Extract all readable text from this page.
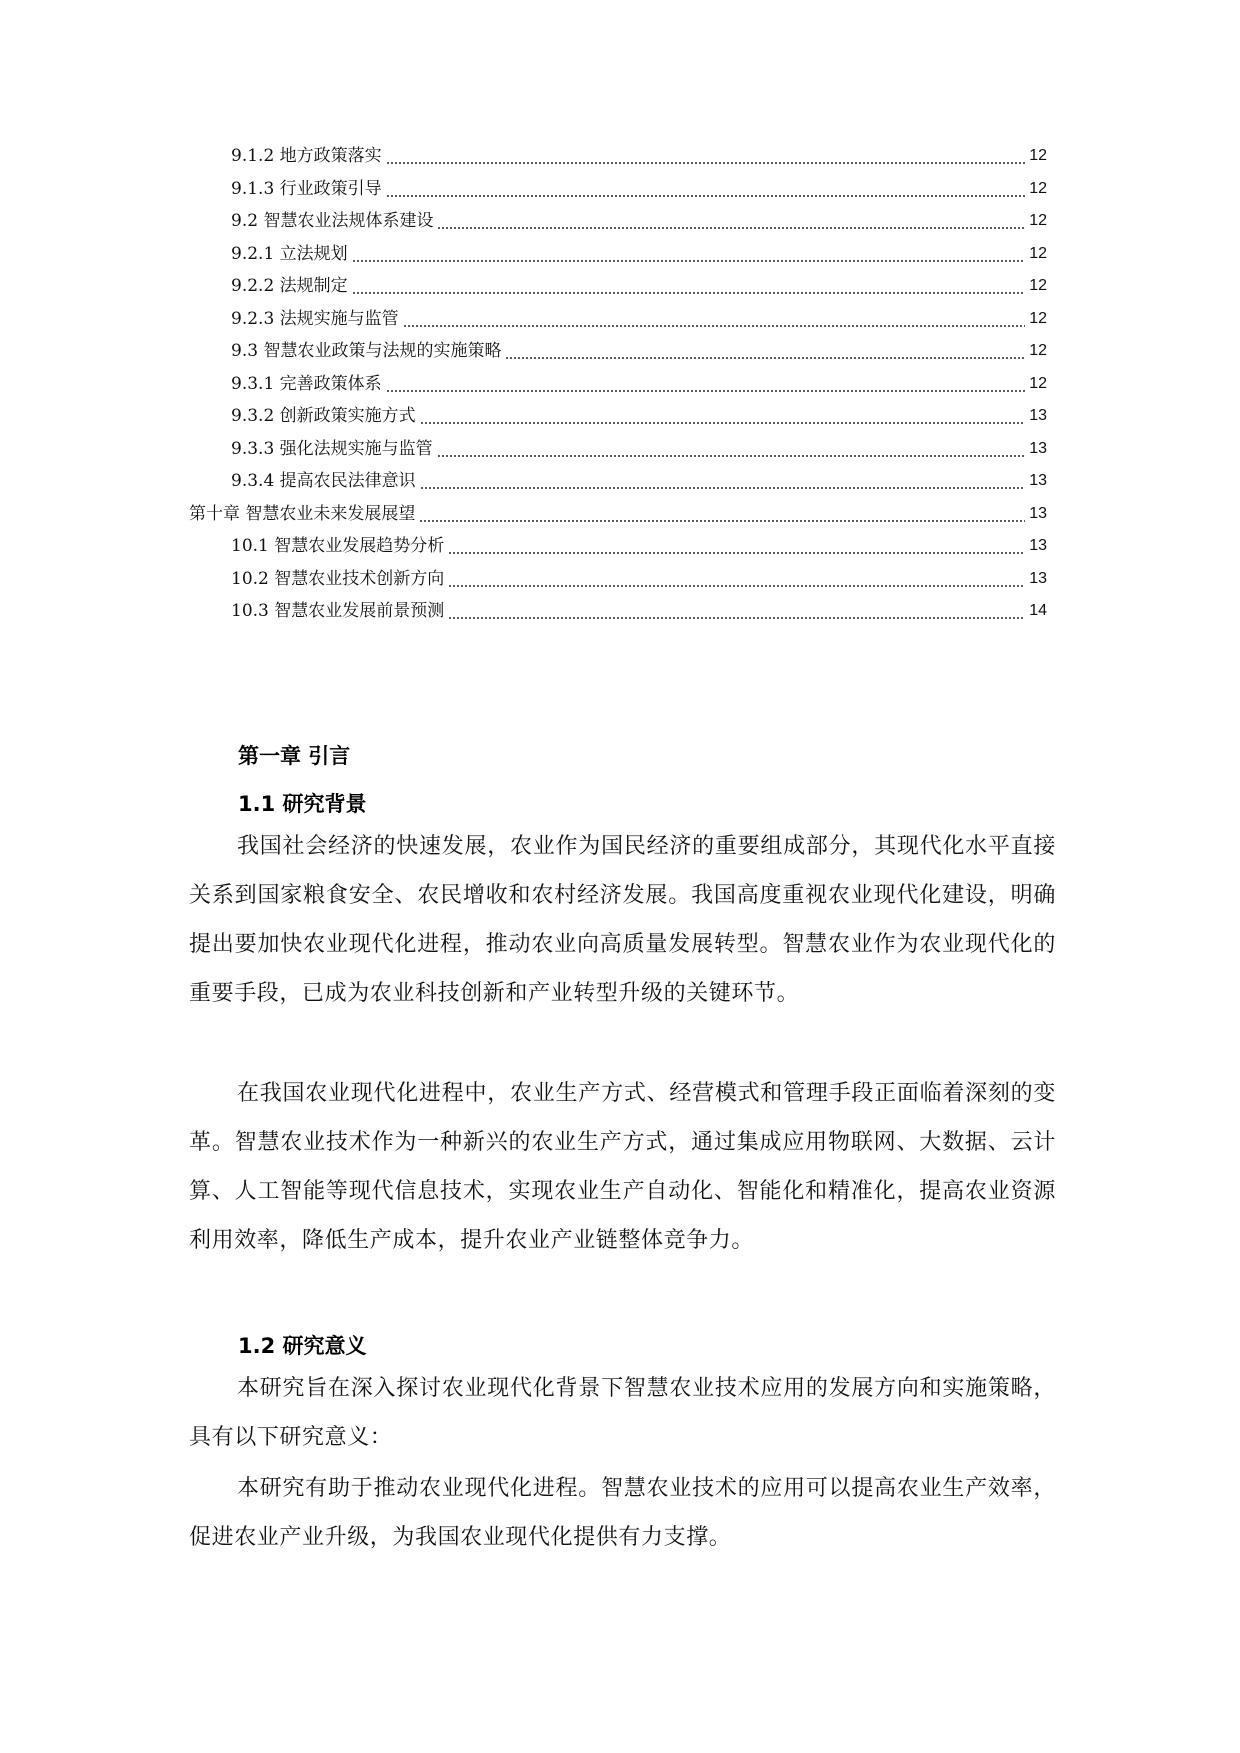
9.1.2 地方政策落实	12
9.1.3 行业政策引导	12
9.2 智慧农业法规体系建设	12
9.2.1 立法规划	12
9.2.2 法规制定	12
9.2.3 法规实施与监管	12
9.3 智慧农业政策与法规的实施策略	12
9.3.1 完善政策体系	12
9.3.2 创新政策实施方式	13
9.3.3 强化法规实施与监管	13
9.3.4 提高农民法律意识	13
第十章 智慧农业未来发展展望	13
10.1 智慧农业发展趋势分析	13
10.2 智慧农业技术创新方向	13
10.3 智慧农业发展前景预测	14
第一章 引言
1.1 研究背景

我国社会经济的快速发展，农业作为国民经济的重要组成部分，其现代化水平直接关系到国家粮食安全、农民增收和农村经济发展。我国高度重视农业现代化建设，明确提出要加快农业现代化进程，推动农业向高质量发展转型。智慧农业作为农业现代化的重要手段，已成为农业科技创新和产业转型升级的关键环节。

在我国农业现代化进程中，农业生产方式、经营模式和管理手段正面临着深刻的变革。智慧农业技术作为一种新兴的农业生产方式，通过集成应用物联网、大数据、云计算、人工智能等现代信息技术，实现农业生产自动化、智能化和精准化，提高农业资源利用效率，降低生产成本，提升农业产业链整体竞争力。

1.2 研究意义

本研究旨在深入探讨农业现代化背景下智慧农业技术应用的发展方向和实施策略，具有以下研究意义：

本研究有助于推动农业现代化进程。智慧农业技术的应用可以提高农业生产效率，促进农业产业升级，为我国农业现代化提供有力支撑。
